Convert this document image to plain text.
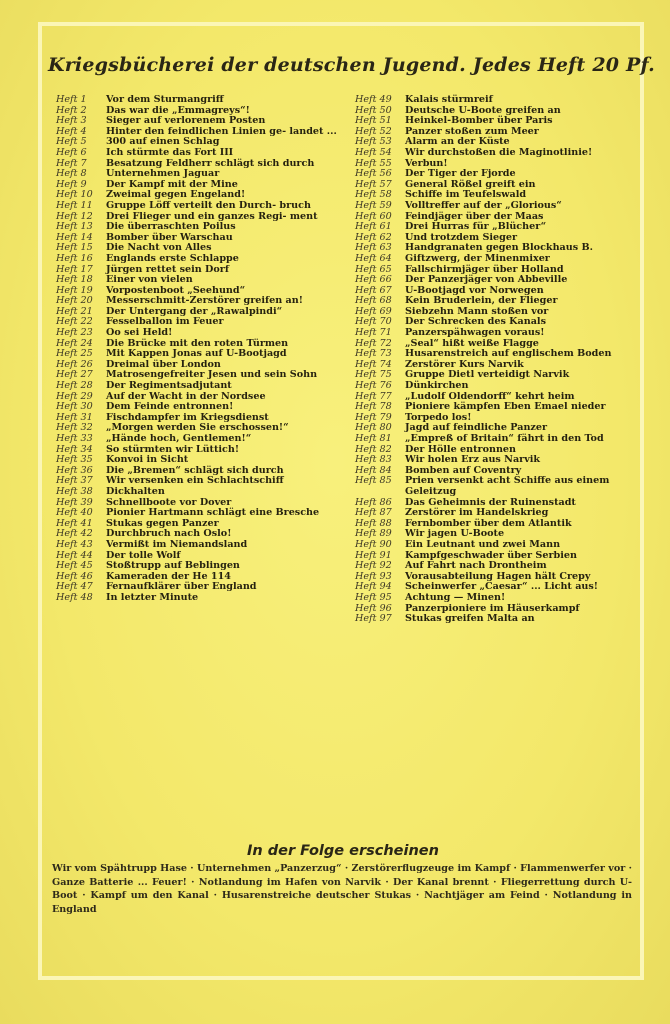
Kriegsbücherei der deutschen Jugend. Jedes Heft 20 Pf.
Heft 1	Vor dem Sturmangriff
Heft 2	Das war die „Emmagreys“!
Heft 3	Sieger auf verlorenem Posten
Heft 4	Hinter den feindlichen Linien ge- landet ...
Heft 5	300 auf einen Schlag
Heft 6	Ich stürmte das Fort III
Heft 7	Besatzung Feldherr schlägt sich durch
Heft 8	Unternehmen Jaguar
Heft 9	Der Kampf mit der Mine
Heft 10	Zweimal gegen Engeland!
Heft 11	Gruppe Löff verteilt den Durch- bruch
Heft 12	Drei Flieger und ein ganzes Regi- ment
Heft 13	Die überraschten Poilus
Heft 14	Bomber über Warschau
Heft 15	Die Nacht von Alles
Heft 16	Englands erste Schlappe
Heft 17	Jürgen rettet sein Dorf
Heft 18	Einer von vielen
Heft 19	Vorpostenboot „Seehund“
Heft 20	Messerschmitt-Zerstörer greifen an!
Heft 21	Der Untergang der „Rawalpindi“
Heft 22	Fesselballon im Feuer
Heft 23	Oo sei Held!
Heft 24	Die Brücke mit den roten Türmen
Heft 25	Mit Kappen Jonas auf U-Bootjagd
Heft 26	Dreimal über London
Heft 27	Matrosengefreiter Jesen und sein Sohn
Heft 28	Der Regimentsadjutant
Heft 29	Auf der Wacht in der Nordsee
Heft 30	Dem Feinde entronnen!
Heft 31	Fischdampfer im Kriegsdienst
Heft 32	„Morgen werden Sie erschossen!“
Heft 33	„Hände hoch, Gentlemen!“
Heft 34	So stürmten wir Lüttich!
Heft 35	Konvoi in Sicht
Heft 36	Die „Bremen“ schlägt sich durch
Heft 37	Wir versenken ein Schlachtschiff
Heft 38	Dickhalten
Heft 39	Schnellboote vor Dover
Heft 40	Pionier Hartmann schlägt eine Bresche
Heft 41	Stukas gegen Panzer
Heft 42	Durchbruch nach Oslo!
Heft 43	Vermißt im Niemandsland
Heft 44	Der tolle Wolf
Heft 45	Stoßtrupp auf Beblingen
Heft 46	Kameraden der He 114
Heft 47	Fernaufklärer über England
Heft 48	In letzter Minute
Heft 49	Kalais stürmreif
Heft 50	Deutsche U-Boote greifen an
Heft 51	Heinkel-Bomber über Paris
Heft 52	Panzer stoßen zum Meer
Heft 53	Alarm an der Küste
Heft 54	Wir durchstoßen die Maginotlinie!
Heft 55	Verbun!
Heft 56	Der Tiger der Fjorde
Heft 57	General Rößel greift ein
Heft 58	Schiffe im Teufelswald
Heft 59	Volltreffer auf der „Glorious“
Heft 60	Feindjäger über der Maas
Heft 61	Drei Hurras für „Blücher“
Heft 62	Und trotzdem Sieger
Heft 63	Handgranaten gegen Blockhaus B.
Heft 64	Giftzwerg, der Minenmixer
Heft 65	Fallschirmjäger über Holland
Heft 66	Der Panzerjäger von Abbeville
Heft 67	U-Bootjagd vor Norwegen
Heft 68	Kein Bruderlein, der Flieger
Heft 69	Siebzehn Mann stoßen vor
Heft 70	Der Schrecken des Kanals
Heft 71	Panzerspähwagen voraus!
Heft 72	„Seal“ hißt weiße Flagge
Heft 73	Husarenstreich auf englischem Boden
Heft 74	Zerstörer Kurs Narvik
Heft 75	Gruppe Dietl verteidigt Narvik
Heft 76	Dünkirchen
Heft 77	„Ludolf Oldendorff“ kehrt heim
Heft 78	Pioniere kämpfen Eben Emael nieder
Heft 79	Torpedo los!
Heft 80	Jagd auf feindliche Panzer
Heft 81	„Empreß of Britain“ fährt in den Tod
Heft 82	Der Hölle entronnen
Heft 83	Wir holen Erz aus Narvik
Heft 84	Bomben auf Coventry
Heft 85	Prien versenkt acht Schiffe aus einem Geleitzug
Heft 86	Das Geheimnis der Ruinenstadt
Heft 87	Zerstörer im Handelskrieg
Heft 88	Fernbomber über dem Atlantik
Heft 89	Wir jagen U-Boote
Heft 90	Ein Leutnant und zwei Mann
Heft 91	Kampfgeschwader über Serbien
Heft 92	Auf Fahrt nach Drontheim
Heft 93	Vorausabteilung Hagen hält Crepy
Heft 94	Scheinwerfer „Caesar“ ... Licht aus!
Heft 95	Achtung — Minen!
Heft 96	Panzerpioniere im Häuserkampf
Heft 97	Stukas greifen Malta an
In der Folge erscheinen
Wir vom Spähtrupp Hase · Unternehmen „Panzerzug“ · Zerstörerflugzeuge im Kampf · Flammenwerfer vor · Ganze Batterie ... Feuer! · Notlandung im Hafen von Narvik · Der Kanal brennt · Fliegerrettung durch U-Boot · Kampf um den Kanal · Husarenstreiche deutscher Stukas · Nachtjäger am Feind · Notlandung in England
